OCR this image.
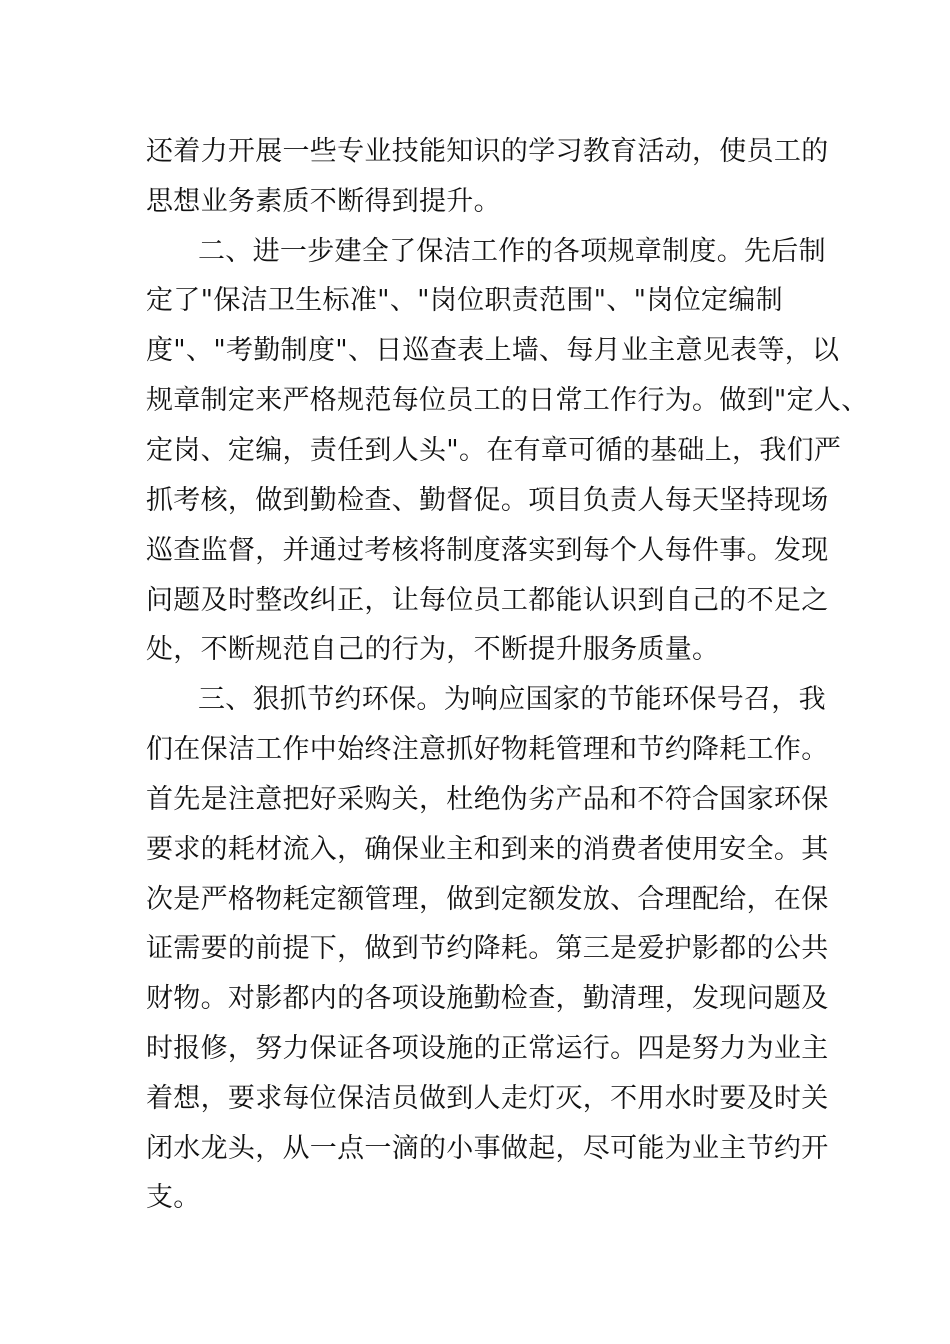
还着力开展一些专业技能知识的学习教育活动，使员工的
思想业务素质不断得到提升。
二、进一步建全了保洁工作的各项规章制度。先后制
定了"保洁卫生标准"、"岗位职责范围"、"岗位定编制
度"、"考勤制度"、日巡查表上墙、每月业主意见表等，以
规章制定来严格规范每位员工的日常工作行为。做到"定人、
定岗、定编，责任到人头"。在有章可循的基础上，我们严
抓考核，做到勤检查、勤督促。项目负责人每天坚持现场
巡查监督，并通过考核将制度落实到每个人每件事。发现
问题及时整改纠正，让每位员工都能认识到自己的不足之
处，不断规范自己的行为，不断提升服务质量。
三、狠抓节约环保。为响应国家的节能环保号召，我
们在保洁工作中始终注意抓好物耗管理和节约降耗工作。
首先是注意把好采购关，杜绝伪劣产品和不符合国家环保
要求的耗材流入，确保业主和到来的消费者使用安全。其
次是严格物耗定额管理，做到定额发放、合理配给，在保
证需要的前提下，做到节约降耗。第三是爱护影都的公共
财物。对影都内的各项设施勤检查，勤清理，发现问题及
时报修，努力保证各项设施的正常运行。四是努力为业主
着想，要求每位保洁员做到人走灯灭，不用水时要及时关
闭水龙头，从一点一滴的小事做起，尽可能为业主节约开
支。
